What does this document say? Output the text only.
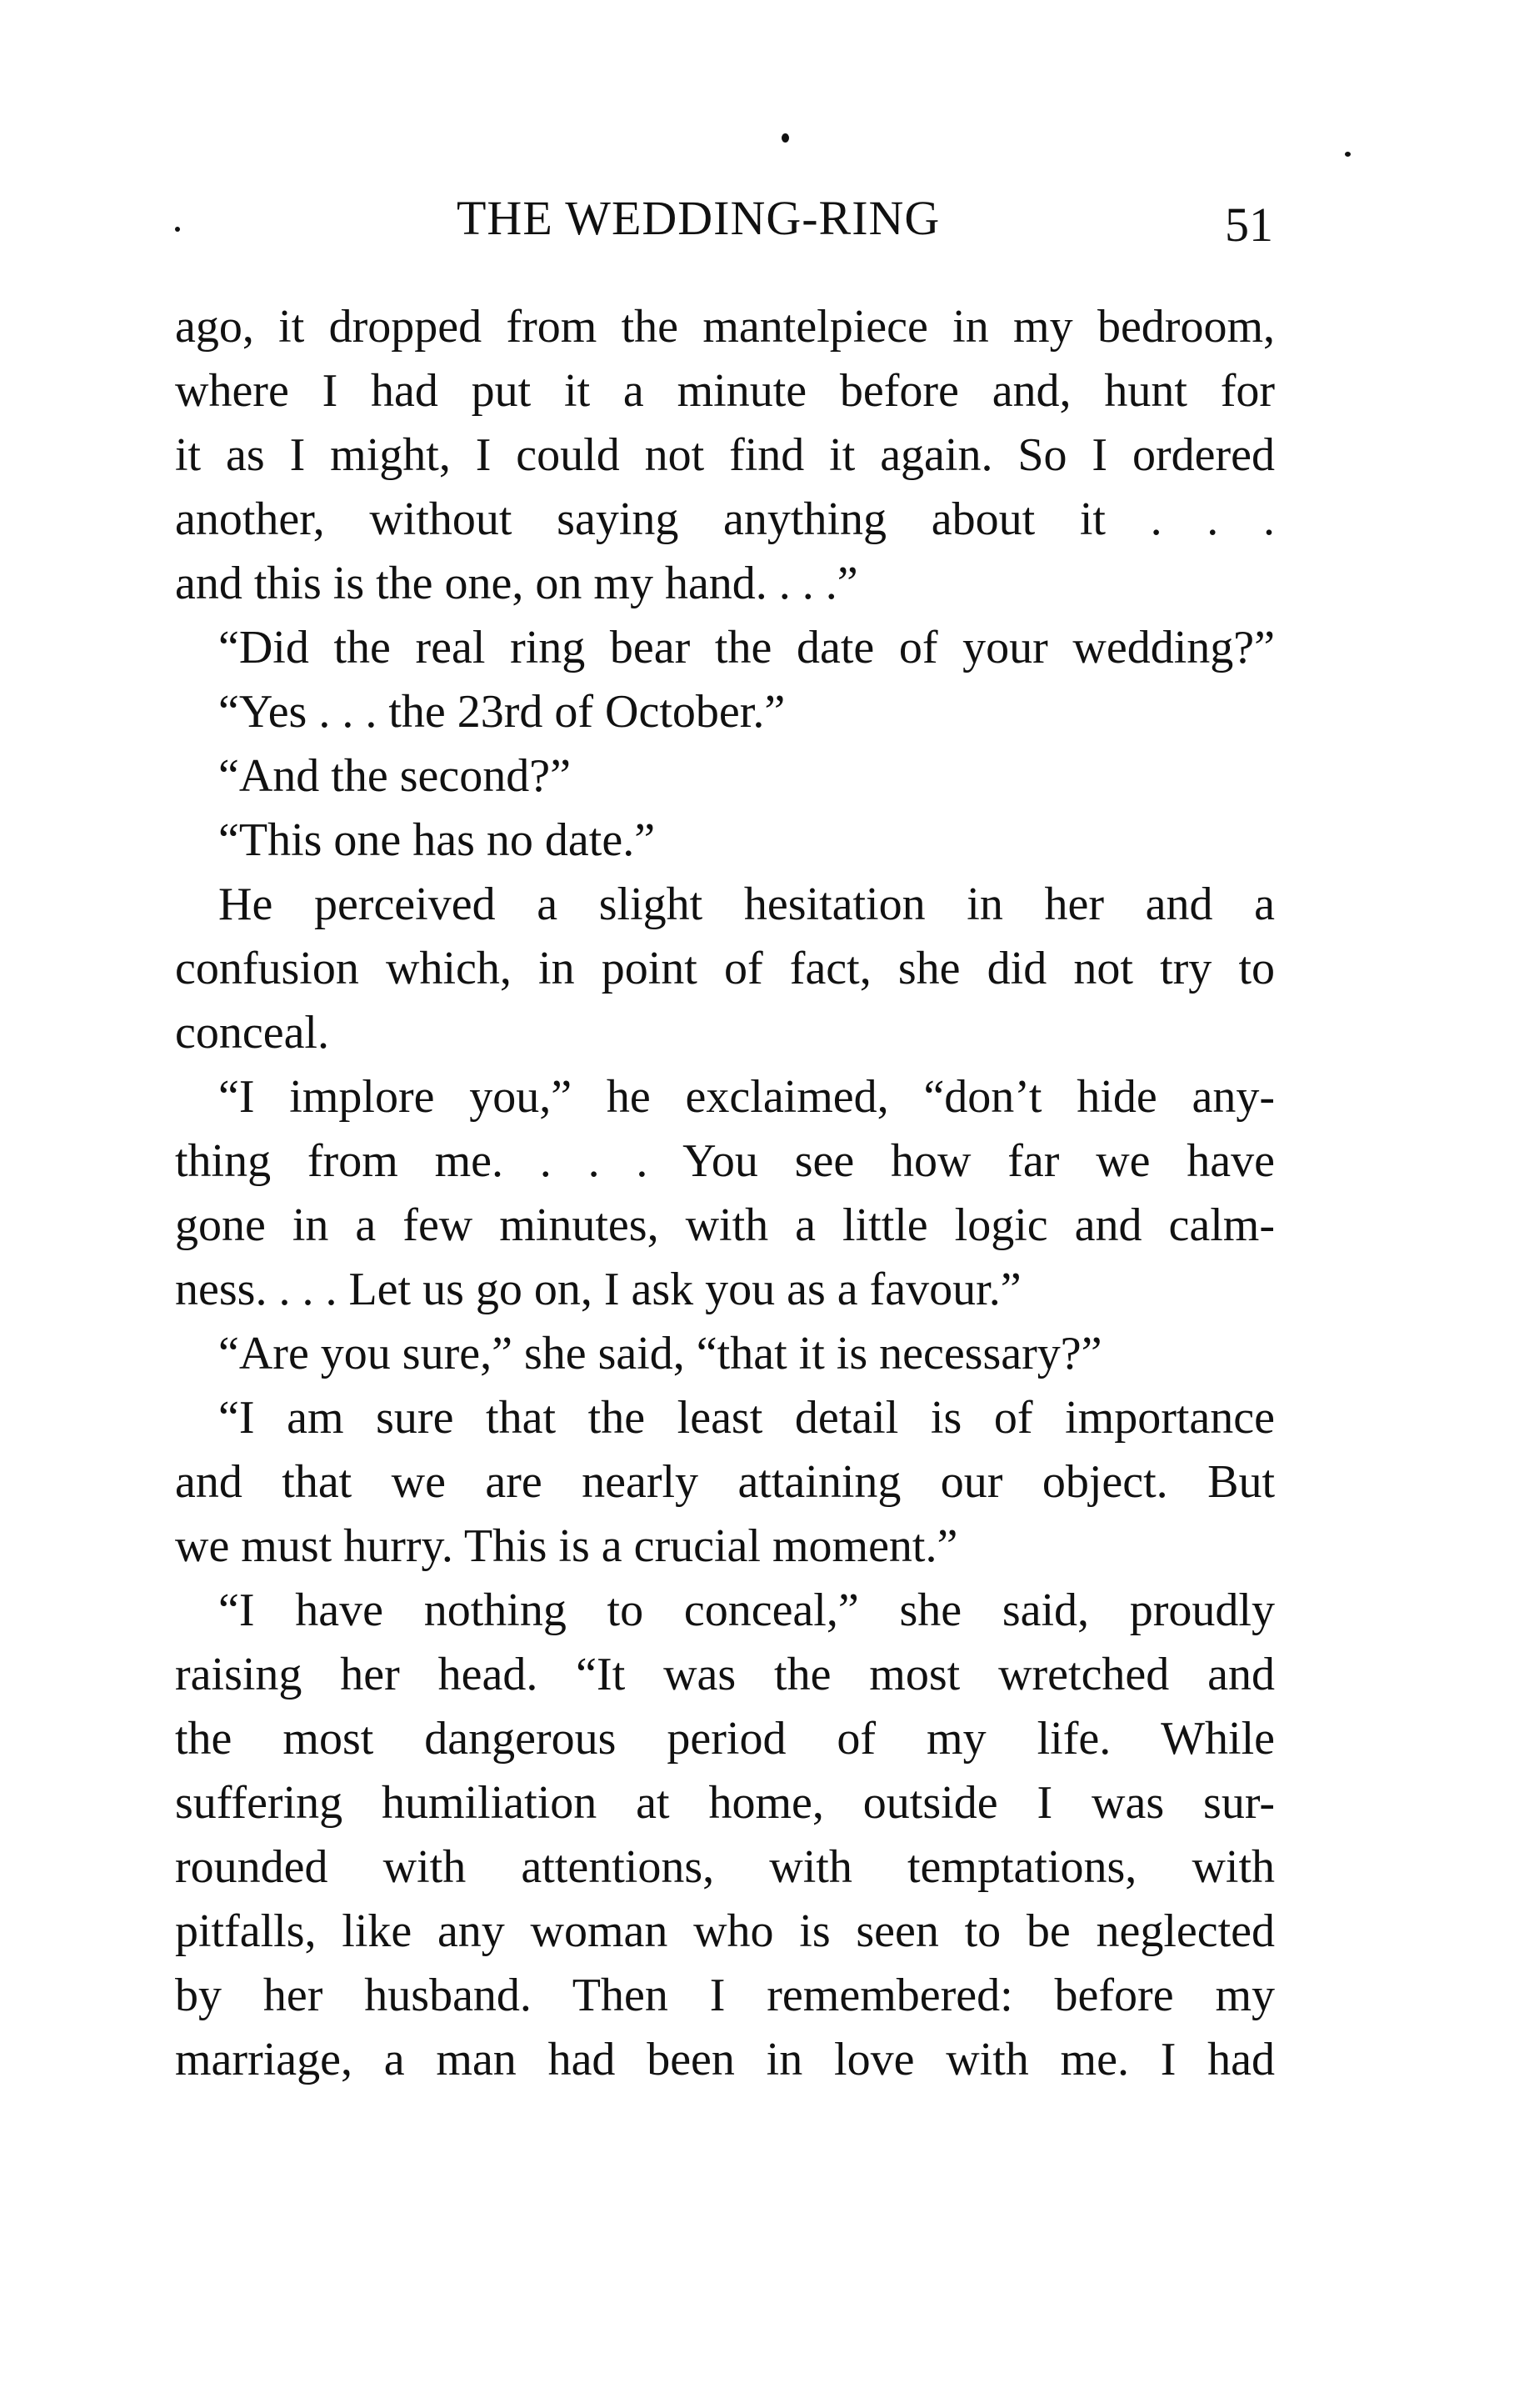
THE WEDDING-RING	51
ago, it dropped from the mantelpiece in my bedroom,
where I had put it a minute before and, hunt for
it as I might, I could not find it again. So I ordered
another, without saying anything about it . . .
and this is the one, on my hand. . . .”
“Did the real ring bear the date of your wedding?”
“Yes . . . the 23rd of October.”
“And the second?”
“This one has no date.”
He perceived a slight hesitation in her and a
confusion which, in point of fact, she did not try to
conceal.
“I implore you,” he exclaimed, “don’t hide any-
thing from me. . . . You see how far we have
gone in a few minutes, with a little logic and calm-
ness. . . . Let us go on, I ask you as a favour.”
“Are you sure,” she said, “that it is necessary?”
“I am sure that the least detail is of importance
and that we are nearly attaining our object. But
we must hurry. This is a crucial moment.”
“I have nothing to conceal,” she said, proudly
raising her head. “It was the most wretched and
the most dangerous period of my life. While
suffering humiliation at home, outside I was sur-
rounded with attentions, with temptations, with
pitfalls, like any woman who is seen to be neglected
by her husband. Then I remembered: before my
marriage, a man had been in love with me. I had
